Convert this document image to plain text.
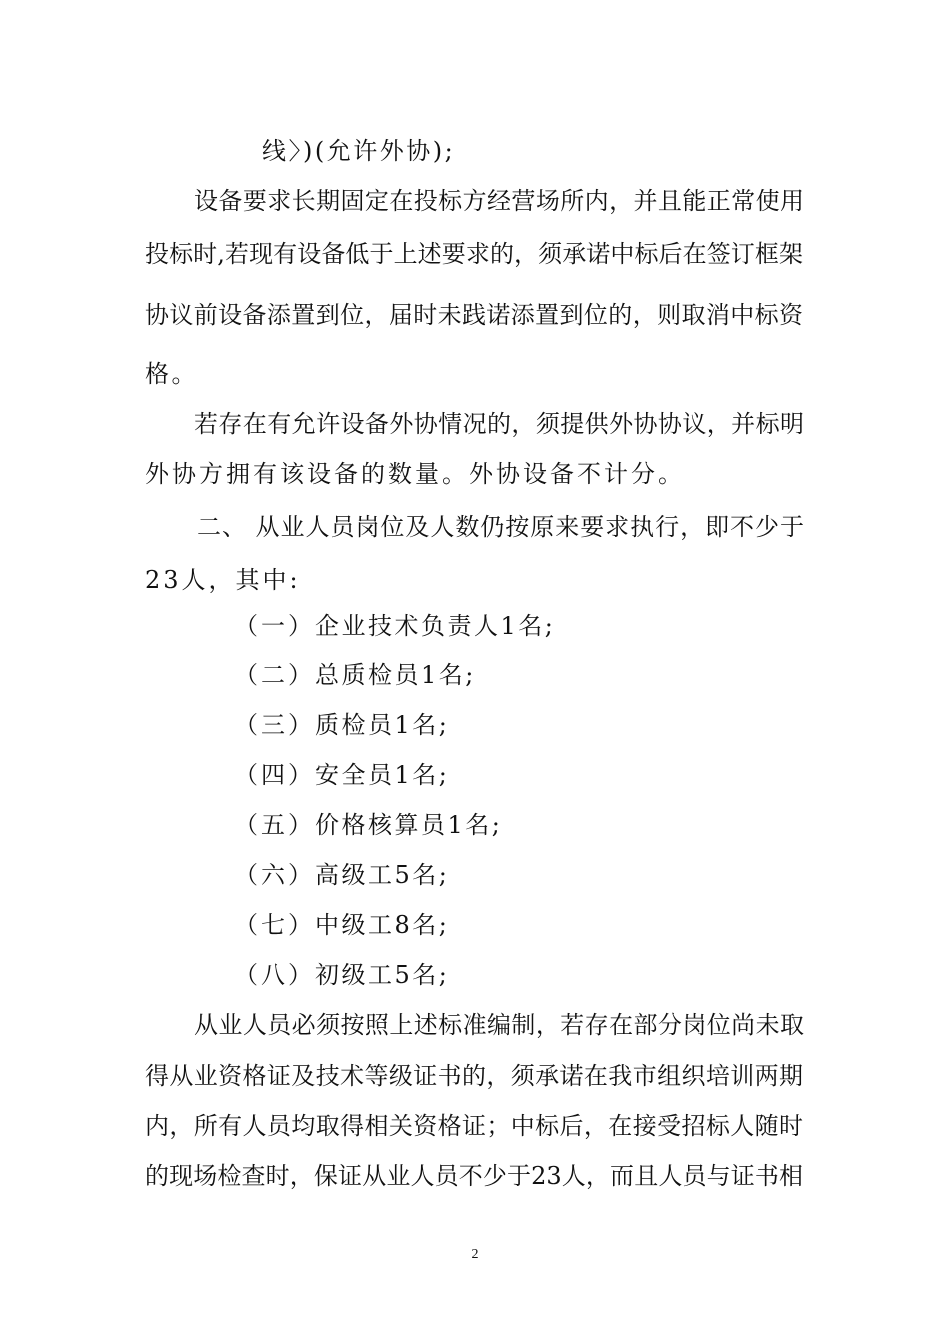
线〉)(允许外协);
设备要求长期固定在投标方经营场所内，并且能正常使用
投标时,若现有设备低于上述要求的，须承诺中标后在签订框架
协议前设备添置到位，届时未践诺添置到位的，则取消中标资
格。
若存在有允许设备外协情况的，须提供外协协议，并标明
外协方拥有该设备的数量。外协设备不计分。
二、 从业人员岗位及人数仍按原来要求执行，即不少于
23人，其中:
（一） 企业技术负责人1名;
（二） 总质检员1名;
（三） 质检员1名;
（四） 安全员1名;
（五） 价格核算员1名;
（六） 高级工5名;
（七） 中级工8名;
（八） 初级工5名;
从业人员必须按照上述标准编制，若存在部分岗位尚未取
得从业资格证及技术等级证书的，须承诺在我市组织培训两期
内，所有人员均取得相关资格证；中标后，在接受招标人随时
的现场检查时，保证从业人员不少于23人，而且人员与证书相
2
